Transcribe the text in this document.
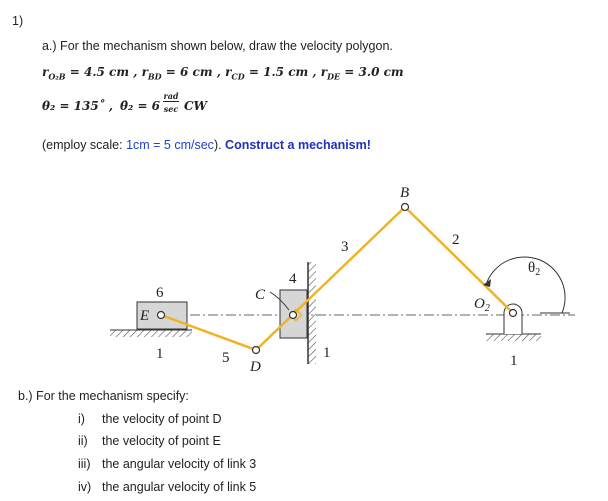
1)
a.) For the mechanism shown below, draw the velocity polygon.
$r_{O_2B} = 4.5$ cm , $r_{BD} = 6$ cm , $r_{CD} = 1.5$ cm , $r_{DE} = 3.0$ cm
θ₂ = 135˚ , θ̇₂ = 6
rad
sec CW
(employ scale: 1cm = 5 cm/sec). Construct a mechanism!
B
C
D
E
$O_2$
$\theta_2$
2
3
4
5
6
1	1	1
b.) For the mechanism specify:
i) the velocity of point D
ii) the velocity of point E
iii) the angular velocity of link 3
iv) the angular velocity of link 5
